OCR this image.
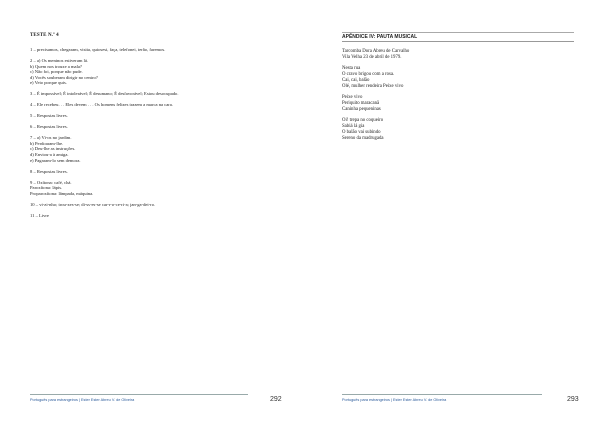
TESTE N.º 4
1 – precisamos, chegaram, visita, quiosesi, faça, telefonei, terão, faremos.
2 – a) Os meninos estiveram lá.
b) Quem nos trouxe a mala?
c) Não foi, porque não pude.
d) Vocês souberam dirigir no centro?
e) Veio porque quis.
3 – É impossível; É intolerável; É desumano; É desfavorável; Estou desocupado.
4 – Ele recebeu. . . Eles devem . . . Os homens felizes trazem a marca na cara.
5 – Respostas livres.
6 – Respostas livres.
7 – a) Vi-os no jardim.
b) Perdoaram-lhe.
c) Deu-lhe as instruções.
d) Enviou-a à amiga.
e) Pagaram-lo sem demora.
8 – Respostas livres.
9 – Oxítona: café, chá.
Paroxítona: lápis.
Proparoxítona: lâmpada, máquina.
10 – vi-zi-nho; trou-xes-se; di-ss-es-se car-r-o-ce-ri-a; jan-ga-dei-ro.
11 – Livre
Português para estrangeiros | Ester Ester Abreu V. de Oliveira	292
APÊNDICE IV: PAUTA MUSICAL
Tarcomba Dora Abreu de Carvalho
Vila Velha 23 de abril de 1979.
Nesta rua
O cravo brigou com a rosa.
Cai, cai, balão
Olé, mulher rendeira Peixe vivo
Peixe vivo
Periquito maracanã
Caninha pequeninas
Oi! trepa no coqueiro
Sabiá lá gia
O balão vai subindo
Sereno da madrugada
Português para estrangeiros | Ester Ester Abreu V. de Oliveira	293
